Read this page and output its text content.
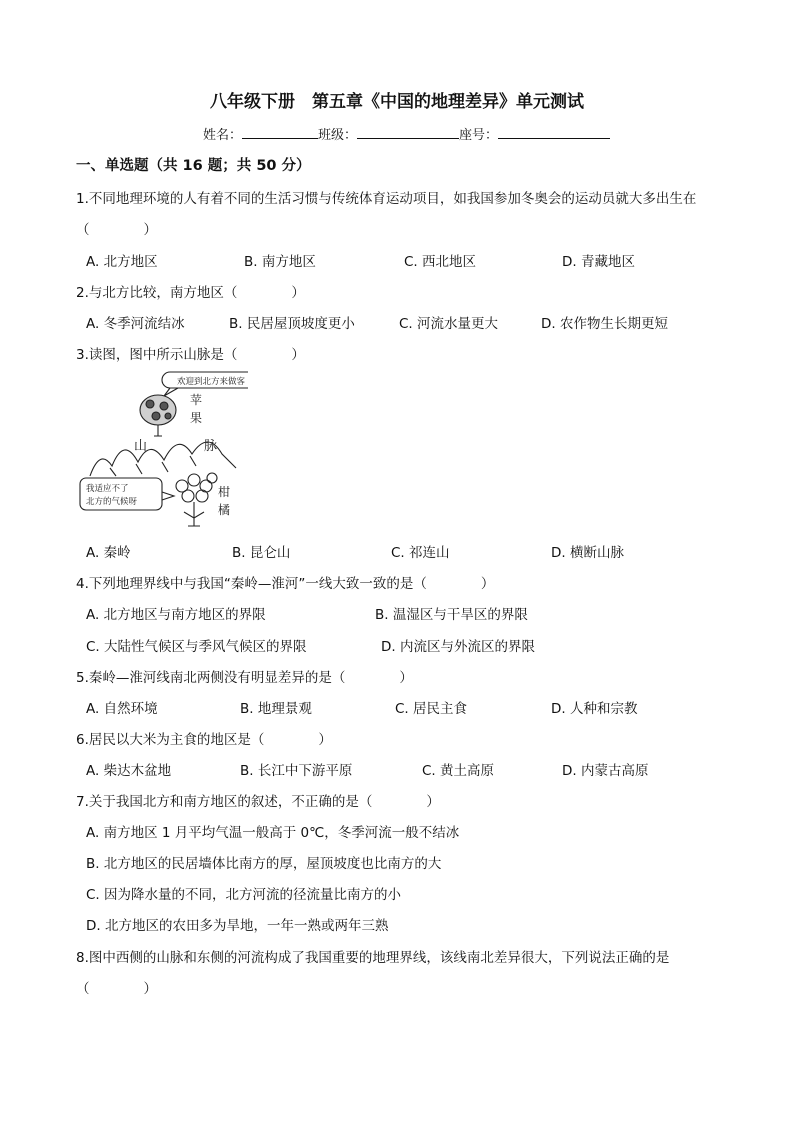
八年级下册　第五章《中国的地理差异》单元测试
姓名：	班级：	座号：
一、单选题（共 16 题；共 50 分）
1.不同地理环境的人有着不同的生活习惯与传统体育运动项目，如我国参加冬奥会的运动员就大多出生在
（　　　　）
A. 北方地区	B. 南方地区	C. 西北地区	D. 青藏地区
2.与北方比较，南方地区（　　　　）
A. 冬季河流结冰	B. 民居屋顶坡度更小	C. 河流水量更大	D. 农作物生长期更短
3.读图，图中所示山脉是（　　　　）
欢迎到北方来做客
苹
果
山	脉
我适应不了
北方的气候呀
柑
橘
A. 秦岭	B. 昆仑山	C. 祁连山	D. 横断山脉
4.下列地理界线中与我国“秦岭—淮河”一线大致一致的是（　　　　）
A. 北方地区与南方地区的界限	B. 温湿区与干旱区的界限
C. 大陆性气候区与季风气候区的界限	D. 内流区与外流区的界限
5.秦岭—淮河线南北两侧没有明显差异的是（　　　　）
A. 自然环境	B. 地理景观	C. 居民主食	D. 人种和宗教
6.居民以大米为主食的地区是（　　　　）
A. 柴达木盆地	B. 长江中下游平原	C. 黄土高原	D. 内蒙古高原
7.关于我国北方和南方地区的叙述，不正确的是（　　　　）
A. 南方地区 1 月平均气温一般高于 0℃，冬季河流一般不结冰
B. 北方地区的民居墙体比南方的厚，屋顶坡度也比南方的大
C. 因为降水量的不同，北方河流的径流量比南方的小
D. 北方地区的农田多为旱地，一年一熟或两年三熟
8.图中西侧的山脉和东侧的河流构成了我国重要的地理界线，该线南北差异很大，下列说法正确的是
（　　　　）
